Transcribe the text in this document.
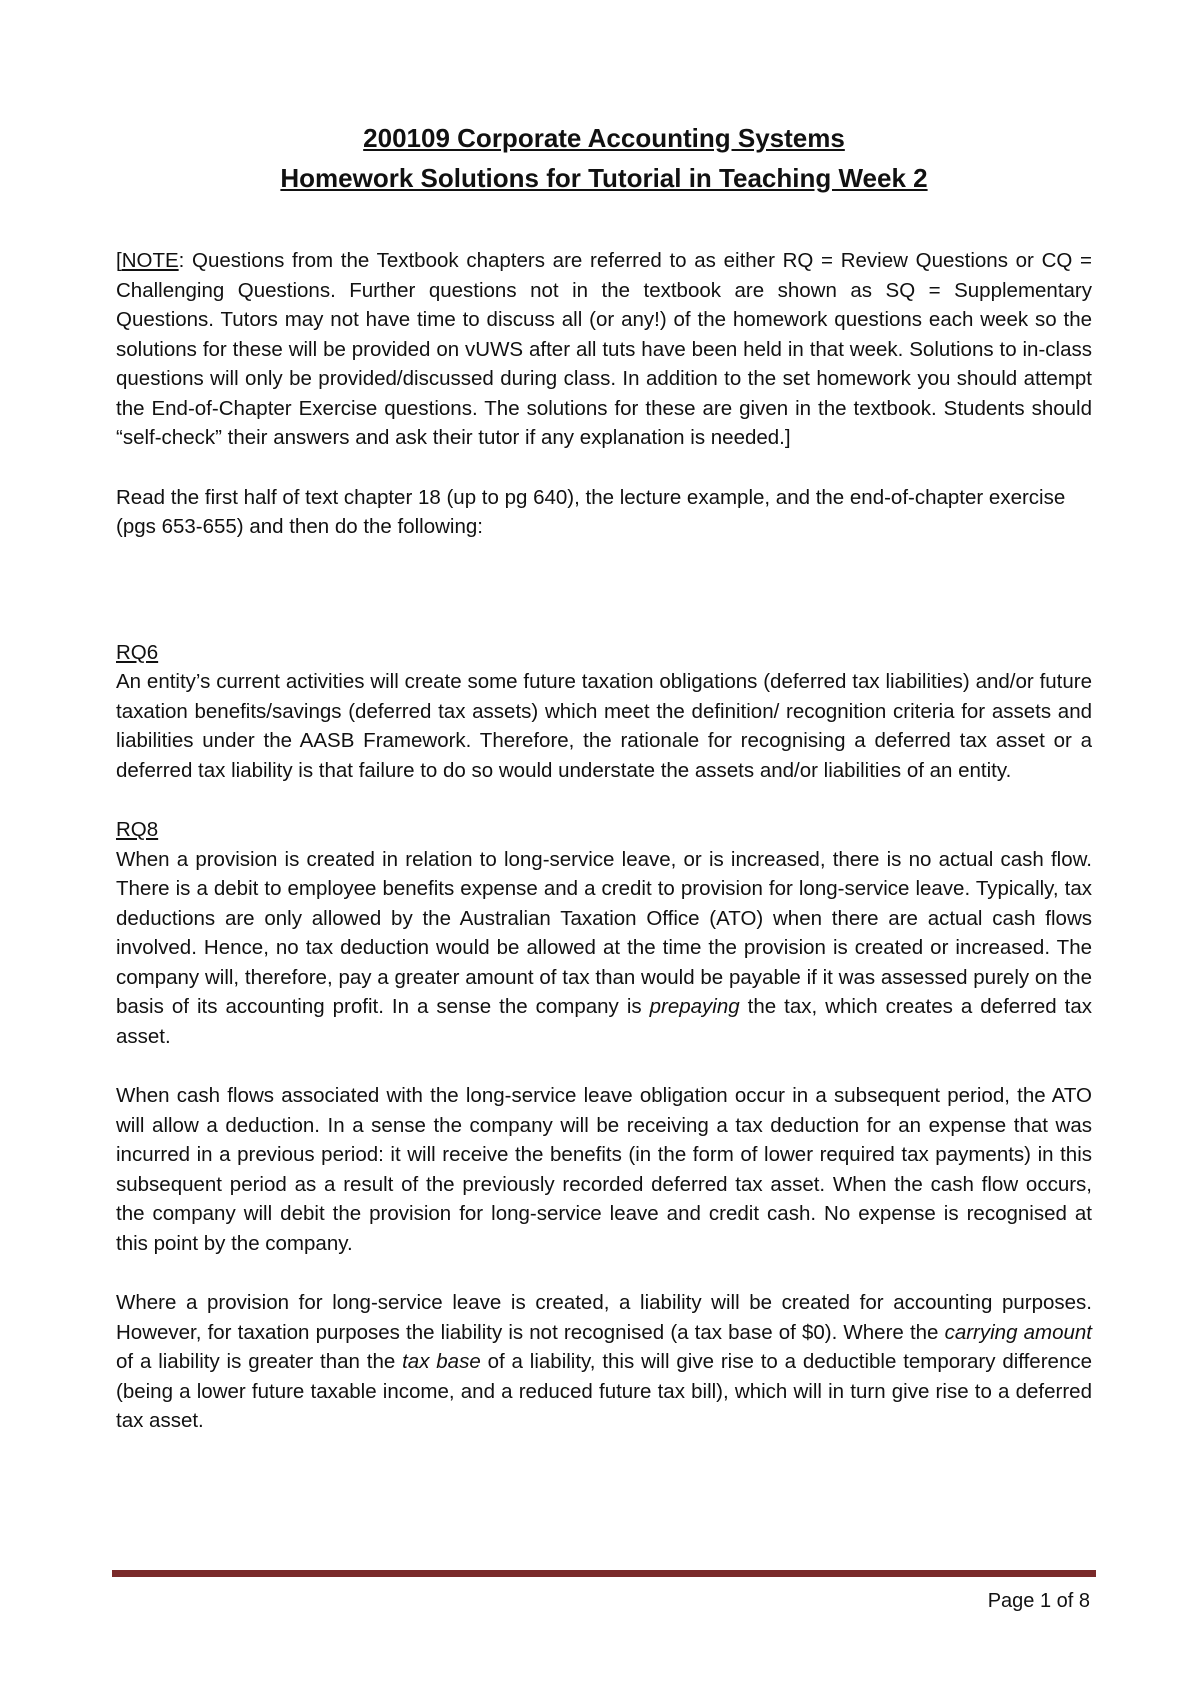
200109 Corporate Accounting Systems
Homework Solutions for Tutorial in Teaching Week 2

[NOTE: Questions from the Textbook chapters are referred to as either RQ = Review Questions or CQ = Challenging Questions. Further questions not in the textbook are shown as SQ = Supplementary Questions. Tutors may not have time to discuss all (or any!) of the homework questions each week so the solutions for these will be provided on vUWS after all tuts have been held in that week. Solutions to in-class questions will only be provided/discussed during class. In addition to the set homework you should attempt the End-of-Chapter Exercise questions. The solutions for these are given in the textbook. Students should “self-check” their answers and ask their tutor if any explanation is needed.]

Read the first half of text chapter 18 (up to pg 640), the lecture example, and the end-of-chapter exercise (pgs 653-655) and then do the following:

RQ6

An entity’s current activities will create some future taxation obligations (deferred tax liabilities) and/or future taxation benefits/savings (deferred tax assets) which meet the definition/ recognition criteria for assets and liabilities under the AASB Framework. Therefore, the rationale for recognising a deferred tax asset or a deferred tax liability is that failure to do so would understate the assets and/or liabilities of an entity.

RQ8

When a provision is created in relation to long-service leave, or is increased, there is no actual cash flow. There is a debit to employee benefits expense and a credit to provision for long-service leave. Typically, tax deductions are only allowed by the Australian Taxation Office (ATO) when there are actual cash flows involved. Hence, no tax deduction would be allowed at the time the provision is created or increased. The company will, therefore, pay a greater amount of tax than would be payable if it was assessed purely on the basis of its accounting profit. In a sense the company is prepaying the tax, which creates a deferred tax asset.

When cash flows associated with the long-service leave obligation occur in a subsequent period, the ATO will allow a deduction. In a sense the company will be receiving a tax deduction for an expense that was incurred in a previous period: it will receive the benefits (in the form of lower required tax payments) in this subsequent period as a result of the previously recorded deferred tax asset. When the cash flow occurs, the company will debit the provision for long-service leave and credit cash. No expense is recognised at this point by the company.

Where a provision for long-service leave is created, a liability will be created for accounting purposes. However, for taxation purposes the liability is not recognised (a tax base of $0). Where the carrying amount of a liability is greater than the tax base of a liability, this will give rise to a deductible temporary difference (being a lower future taxable income, and a reduced future tax bill), which will in turn give rise to a deferred tax asset.

Page 1 of 8
